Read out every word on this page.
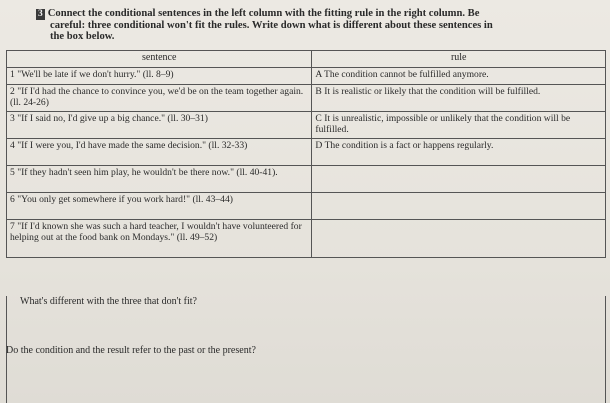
3 Connect the conditional sentences in the left column with the fitting rule in the right column. Be
careful: three conditional won't fit the rules. Write down what is different about these sentences in
the box below.
sentence	rule
1 "We'll be late if we don't hurry." (ll. 8–9)	A The condition cannot be fulfilled anymore.
2 "If I'd had the chance to convince you, we'd be on the team together again. (ll. 24-26)	B It is realistic or likely that the condition will be fulfilled.
3 "If I said no, I'd give up a big chance." (ll. 30–31)	C It is unrealistic, impossible or unlikely that the condition will be fulfilled.
4 "If I were you, I'd have made the same decision." (ll. 32-33)	D The condition is a fact or happens regularly.
5 "If they hadn't seen him play, he wouldn't be there now." (ll. 40-41).	
6 "You only get somewhere if you work hard!" (ll. 43–44)	
7 "If I'd known she was such a hard teacher, I wouldn't have volunteered for helping out at the food bank on Mondays." (ll. 49–52)	
What's different with the three that don't fit?
Do the condition and the result refer to the past or the present?
